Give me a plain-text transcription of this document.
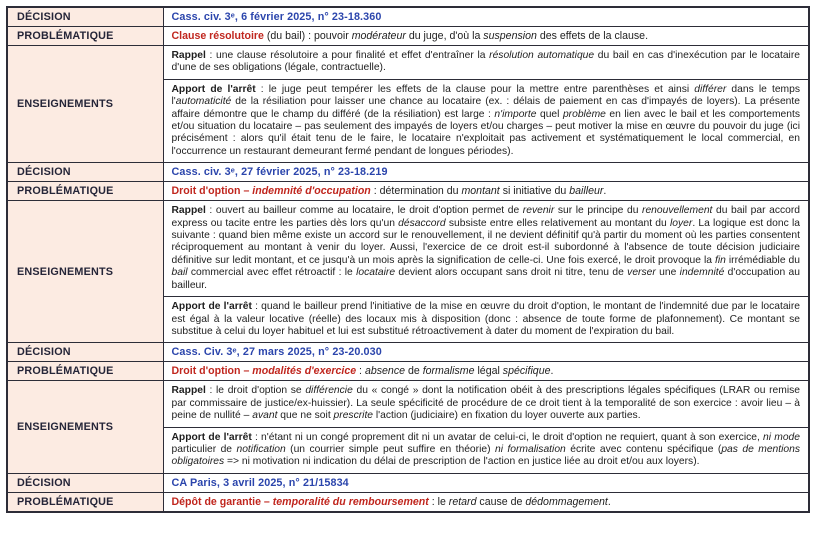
DÉCISION	Cass. civ. 3ᵉ, 6 février 2025, n° 23-18.360
PROBLÉMATIQUE	Clause résolutoire (du bail) : pouvoir modérateur du juge, d'où la suspension des effets de la clause.
ENSEIGNEMENTS	Rappel : une clause résolutoire a pour finalité et effet d'entraîner la résolution automatique du bail en cas d'inexécution par le locataire d'une de ses obligations (légale, contractuelle).
	Apport de l'arrêt : le juge peut tempérer les effets de la clause pour la mettre entre parenthèses et ainsi différer dans le temps l'automaticité de la résiliation pour laisser une chance au locataire (ex. : délais de paiement en cas d'impayés de loyers). La présente affaire démontre que le champ du différé (de la résiliation) est large : n'importe quel problème en lien avec le bail et les comportements et/ou situation du locataire – pas seulement des impayés de loyers et/ou charges – peut motiver la mise en œuvre du pouvoir du juge (ici précisément : alors qu'il était tenu de le faire, le locataire n'exploitait pas activement et systématiquement le local commercial, en l'occurrence un restaurant demeurant fermé pendant de longues périodes).
DÉCISION	Cass. civ. 3ᵉ, 27 février 2025, n° 23-18.219
PROBLÉMATIQUE	Droit d'option – indemnité d'occupation : détermination du montant si initiative du bailleur.
ENSEIGNEMENTS	Rappel : ouvert au bailleur comme au locataire, le droit d'option permet de revenir sur le principe du renouvellement du bail par accord express ou tacite entre les parties dès lors qu'un désaccord subsiste entre elles relativement au montant du loyer. La logique est donc la suivante : quand bien même existe un accord sur le renouvellement, il ne devient définitif qu'à partir du moment où les parties consentent réciproquement au montant à venir du loyer. Aussi, l'exercice de ce droit est-il subordonné à l'absence de toute décision judiciaire définitive sur ledit montant, et ce jusqu'à un mois après la signification de celle-ci. Une fois exercé, le droit provoque la fin irrémédiable du bail commercial avec effet rétroactif : le locataire devient alors occupant sans droit ni titre, tenu de verser une indemnité d'occupation au bailleur.
	Apport de l'arrêt : quand le bailleur prend l'initiative de la mise en œuvre du droit d'option, le montant de l'indemnité due par le locataire est égal à la valeur locative (réelle) des locaux mis à disposition (donc : absence de toute forme de plafonnement). Ce montant se substitue à celui du loyer habituel et lui est substitué rétroactivement à dater du moment de l'expiration du bail.
DÉCISION	Cass. Civ. 3ᵉ, 27 mars 2025, n° 23-20.030
PROBLÉMATIQUE	Droit d'option – modalités d'exercice : absence de formalisme légal spécifique.
ENSEIGNEMENTS	Rappel : le droit d'option se différencie du « congé » dont la notification obéit à des prescriptions légales spécifiques (LRAR ou remise par commissaire de justice/ex-huissier). La seule spécificité de procédure de ce droit tient à la temporalité de son exercice : avoir lieu – à peine de nullité – avant que ne soit prescrite l'action (judiciaire) en fixation du loyer ouverte aux parties.
	Apport de l'arrêt : n'étant ni un congé proprement dit ni un avatar de celui-ci, le droit d'option ne requiert, quant à son exercice, ni mode particulier de notification (un courrier simple peut suffire en théorie) ni formalisation écrite avec contenu spécifique (pas de mentions obligatoires => ni motivation ni indication du délai de prescription de l'action en justice liée au droit et/ou aux loyers).
DÉCISION	CA Paris, 3 avril 2025, n° 21/15834
PROBLÉMATIQUE	Dépôt de garantie – temporalité du remboursement : le retard cause de dédommagement.
